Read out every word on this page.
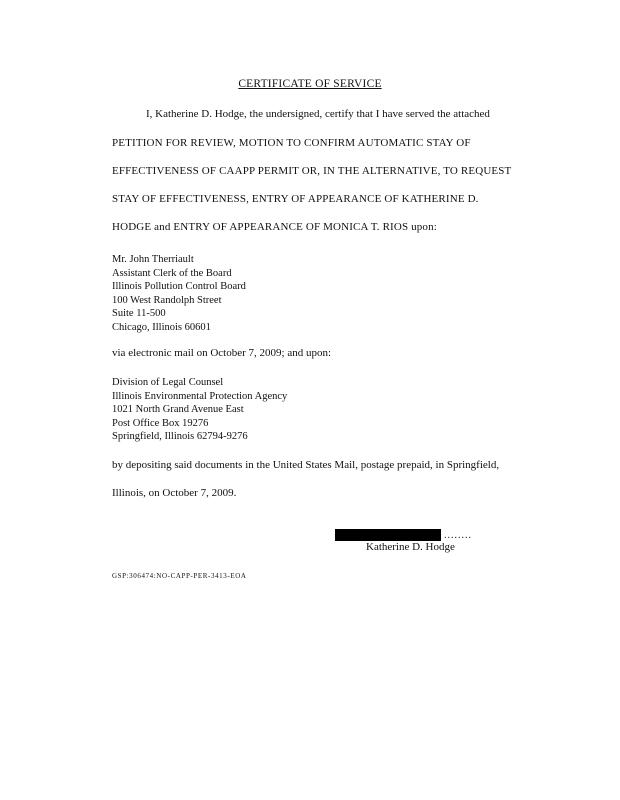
CERTIFICATE OF SERVICE
I, Katherine D. Hodge, the undersigned, certify that I have served the attached
PETITION FOR REVIEW, MOTION TO CONFIRM AUTOMATIC STAY OF
EFFECTIVENESS OF CAAPP PERMIT OR, IN THE ALTERNATIVE, TO REQUEST
STAY OF EFFECTIVENESS, ENTRY OF APPEARANCE OF KATHERINE D.
HODGE and ENTRY OF APPEARANCE OF MONICA T. RIOS upon:
Mr. John Therriault
Assistant Clerk of the Board
Illinois Pollution Control Board
100 West Randolph Street
Suite 11-500
Chicago, Illinois 60601
via electronic mail on October 7, 2009; and upon:
Division of Legal Counsel
Illinois Environmental Protection Agency
1021 North Grand Avenue East
Post Office Box 19276
Springfield, Illinois 62794-9276
by depositing said documents in the United States Mail, postage prepaid, in Springfield,
Illinois, on October 7, 2009.
........
Katherine D. Hodge
GSP:306474:NO-CAPP-PER-3413-EOA
